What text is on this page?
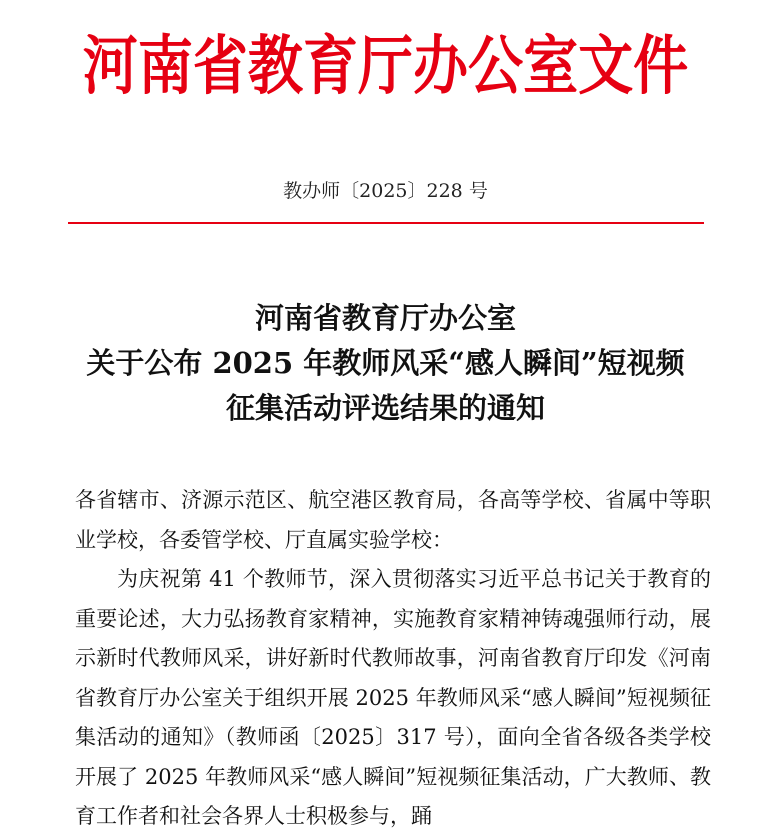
河南省教育厅办公室文件
教办师〔2025〕228 号
河南省教育厅办公室
关于公布 2025 年教师风采“感人瞬间”短视频
征集活动评选结果的通知

各省辖市、济源示范区、航空港区教育局，各高等学校、省属中等职业学校，各委管学校、厅直属实验学校：

为庆祝第 41 个教师节，深入贯彻落实习近平总书记关于教育的重要论述，大力弘扬教育家精神，实施教育家精神铸魂强师行动，展示新时代教师风采，讲好新时代教师故事，河南省教育厅印发《河南省教育厅办公室关于组织开展 2025 年教师风采“感人瞬间”短视频征集活动的通知》（教师函〔2025〕317 号），面向全省各级各类学校开展了 2025 年教师风采“感人瞬间”短视频征集活动，广大教师、教育工作者和社会各界人士积极参与，踊
